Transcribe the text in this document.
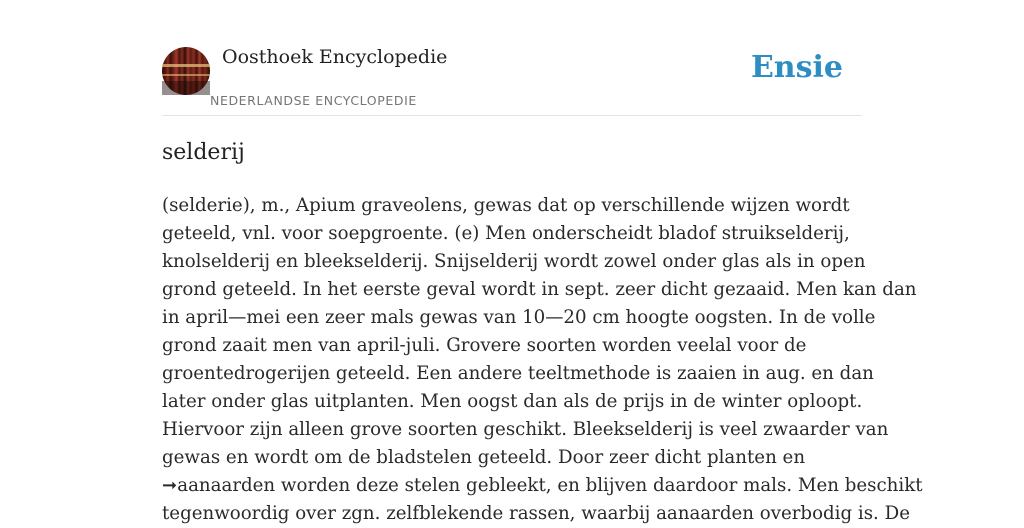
Oosthoek Encyclopedie
NEDERLANDSE ENCYCLOPEDIE
Ensie
selderij
(selderie), m., Apium graveolens, gewas dat op verschillende wijzen wordt
geteeld, vnl. voor soepgroente. (e) Men onderscheidt bladof struikselderij,
knolselderij en bleekselderij. Snijselderij wordt zowel onder glas als in open
grond geteeld. In het eerste geval wordt in sept. zeer dicht gezaaid. Men kan dan
in april—mei een zeer mals gewas van 10—20 cm hoogte oogsten. In de volle
grond zaait men van april-juli. Grovere soorten worden veelal voor de
groentedrogerijen geteeld. Een andere teeltmethode is zaaien in aug. en dan
later onder glas uitplanten. Men oogst dan als de prijs in de winter oploopt.
Hiervoor zijn alleen grove soorten geschikt. Bleekselderij is veel zwaarder van
gewas en wordt om de bladstelen geteeld. Door zeer dicht planten en
➞aanaarden worden deze stelen gebleekt, en blijven daardoor mals. Men beschikt
tegenwoordig over zgn. zelfblekende rassen, waarbij aanaarden overbodig is. De
